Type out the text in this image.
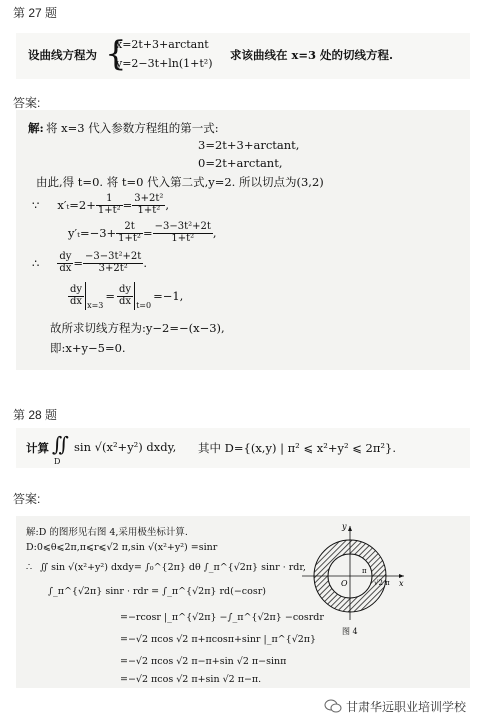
第 27 题
设曲线方程为 {
x=2t+3+arctant
y=2−3t+ln(1+t²)
求该曲线在 x=3 处的切线方程.
答案:
解: 将 x=3 代入参数方程组的第一式:
3=2t+3+arctant,
0=2t+arctant,
由此,得 t=0. 将 t=0 代入第二式,y=2. 所以切点为(3,2)
∵ $x'_t=2+ \frac{1}{\text{1+t²}} = \frac{\text{3+2t²}}{\text{1+t²}}$ ,
$y'_t=-3+ \frac{2t}{\text{1+t²}} = \frac{\text{−3−3t²+2t}}{\text{1+t²}}$ ,
∴ $\frac{dy}{dx} = \frac{\text{−3−3t²+2t}}{\text{3+2t²}}$ .
$\frac{dy}{dx} x=3$
= $\frac{dy}{dx} t=0$
=−1,
故所求切线方程为:y−2=−(x−3),
即:x+y−5=0.
第 28 题
计算 ∬
D
sin √(x²+y²) dxdy, 其中 D={(x,y) | π² ⩽ x²+y² ⩽ 2π²}.
答案:
解:D 的图形见右图 4,采用极坐标计算.
D:0⩽θ⩽2π,π⩽r⩽√2 π,sin √(x²+y²) =sinr
∴ ∬ sin √(x²+y²) dxdy= ∫₀^{2π} dθ ∫_π^{√2π} sinr · rdr,
∫_π^{√2π} sinr · rdr = ∫_π^{√2π} rd(−cosr)
=−rcosr |_π^{√2π} −∫_π^{√2π} −cosrdr
=−√2 πcos √2 π+πcosπ+sinr |_π^{√2π}
=−√2 πcos √2 π−π+sin √2 π−sinπ
=−√2 πcos √2 π+sin √2 π−π.
y
x
O
π
√2 π
图 4
甘肃华远职业培训学校
